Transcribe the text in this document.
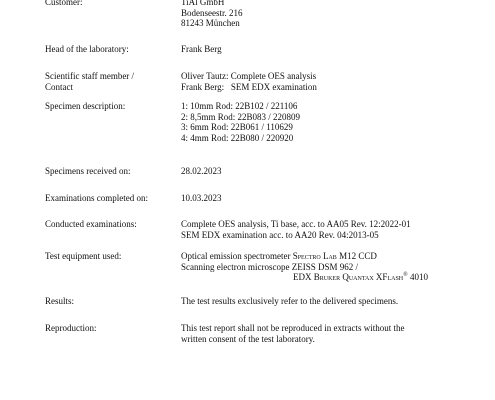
Customer:	TiAl GmbH
Bodenseestr. 216
81243 München
Head of the laboratory:	Frank Berg
Scientific staff member /
Contact
Oliver Tautz: Complete OES analysis
Frank Berg:   SEM EDX examination
Specimen description:	1: 10mm Rod: 22B102 / 221106
2: 8,5mm Rod: 22B083 / 220809
3: 6mm Rod: 22B061 / 110629
4: 4mm Rod: 22B080 / 220920
Specimens received on:	28.02.2023
Examinations completed on:	10.03.2023
Conducted examinations:	Complete OES analysis, Ti base, acc. to AA05 Rev. 12:2022-01
SEM EDX examination acc. to AA20 Rev. 04:2013-05
Test equipment used:	Optical emission spectrometer Spectro Lab M12 CCD
Scanning electron microscope ZEISS DSM 962 /
EDX Bruker Quantax XFlash® 4010
Results:	The test results exclusively refer to the delivered specimens.
Reproduction:	This test report shall not be reproduced in extracts without the
written consent of the test laboratory.
